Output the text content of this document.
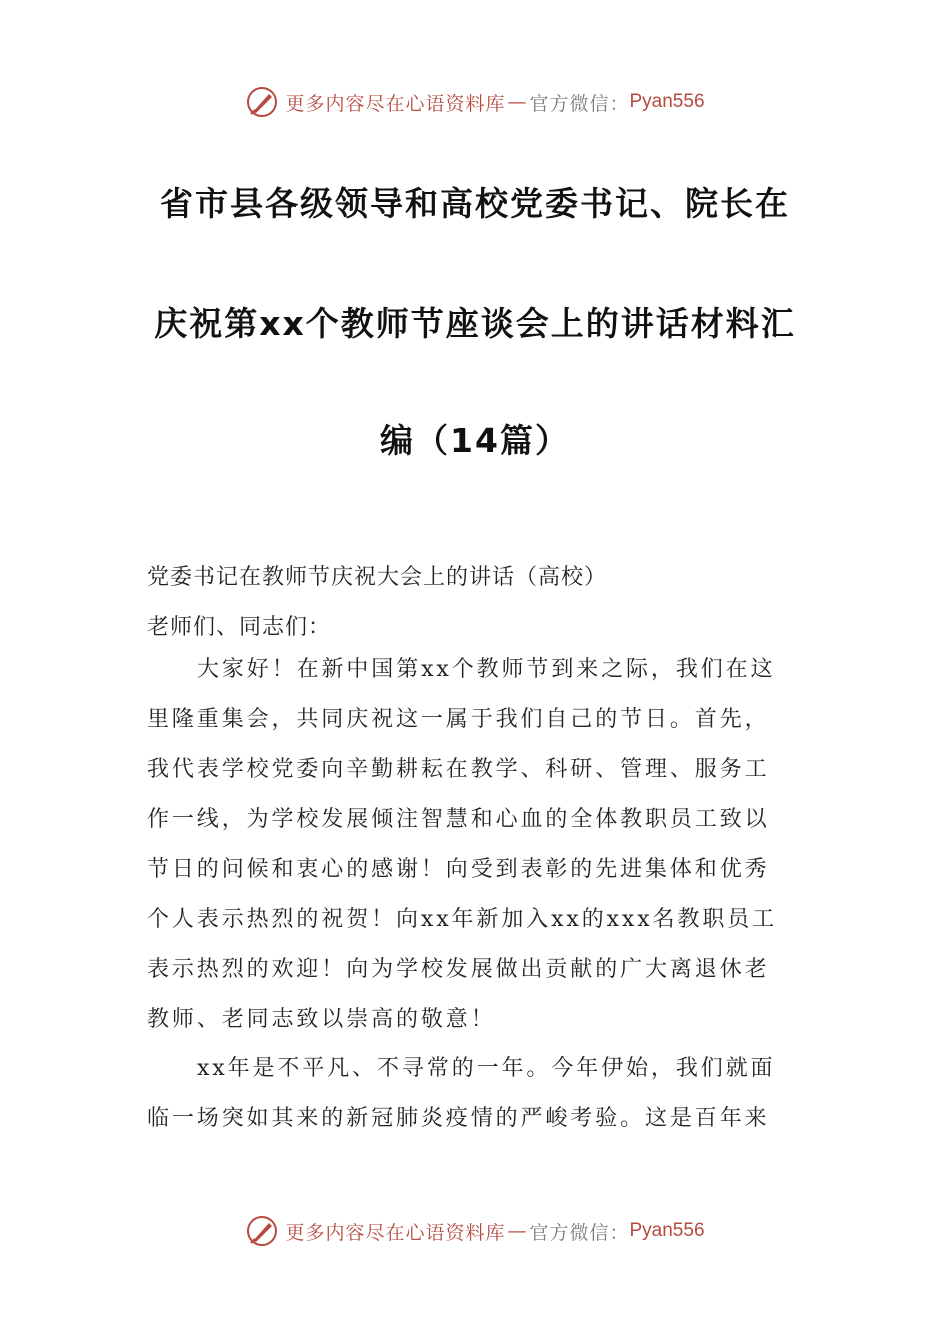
更多内容尽在心语资料库 — 官方微信： Pyan556
省市县各级领导和高校党委书记、院长在
庆祝第xx个教师节座谈会上的讲话材料汇
编（14篇）
党委书记在教师节庆祝大会上的讲话（高校）
老师们、同志们：
大家好！在新中国第xx个教师节到来之际，我们在这
里隆重集会，共同庆祝这一属于我们自己的节日。首先，
我代表学校党委向辛勤耕耘在教学、科研、管理、服务工
作一线，为学校发展倾注智慧和心血的全体教职员工致以
节日的问候和衷心的感谢！向受到表彰的先进集体和优秀
个人表示热烈的祝贺！向xx年新加入xx的xxx名教职员工
表示热烈的欢迎！向为学校发展做出贡献的广大离退休老
教师、老同志致以崇高的敬意！
xx年是不平凡、不寻常的一年。今年伊始，我们就面
临一场突如其来的新冠肺炎疫情的严峻考验。这是百年来
更多内容尽在心语资料库 — 官方微信： Pyan556
